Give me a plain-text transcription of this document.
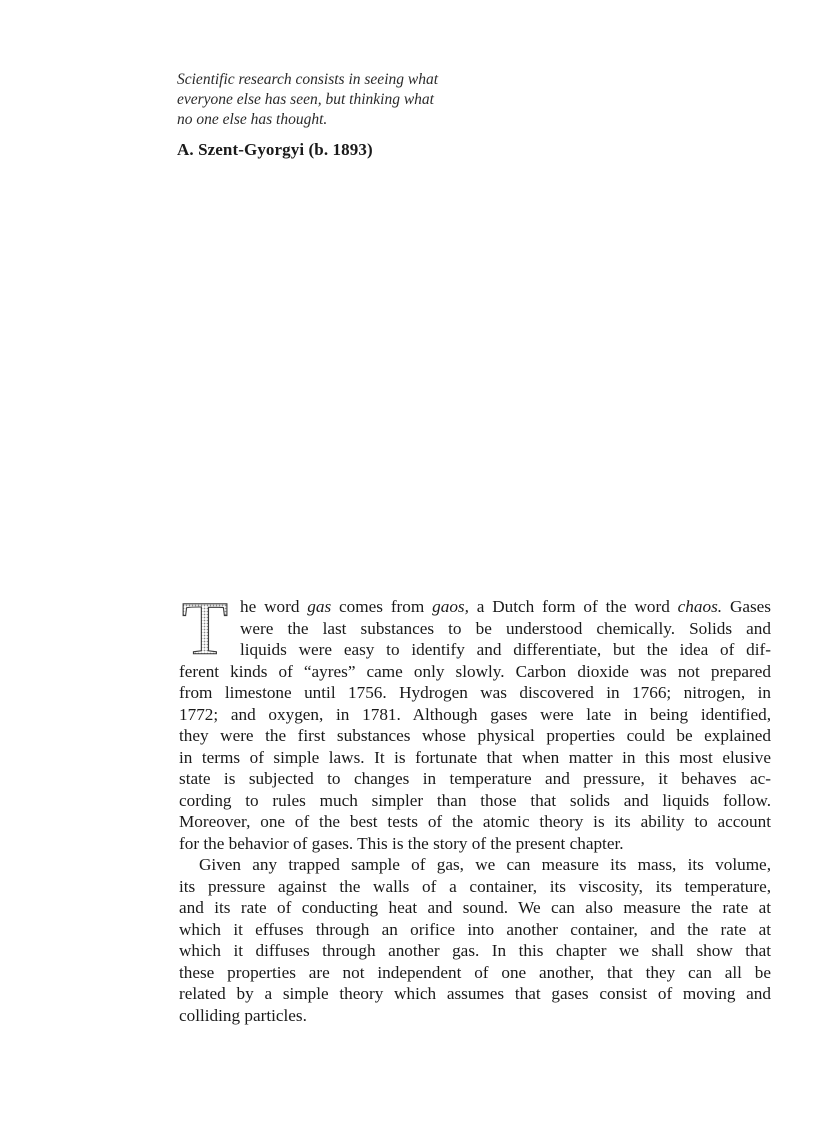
Scientific research consists in seeing what
everyone else has seen, but thinking what
no one else has thought.
A. Szent-Gyorgyi (b. 1893)
T he word gas comes from gaos, a Dutch form of the word chaos. Gases
were the last substances to be understood chemically. Solids and
liquids were easy to identify and differentiate, but the idea of dif-
ferent kinds of “ayres” came only slowly. Carbon dioxide was not prepared
from limestone until 1756. Hydrogen was discovered in 1766; nitrogen, in
1772; and oxygen, in 1781. Although gases were late in being identified,
they were the first substances whose physical properties could be explained
in terms of simple laws. It is fortunate that when matter in this most elusive
state is subjected to changes in temperature and pressure, it behaves ac-
cording to rules much simpler than those that solids and liquids follow.
Moreover, one of the best tests of the atomic theory is its ability to account
for the behavior of gases. This is the story of the present chapter.
Given any trapped sample of gas, we can measure its mass, its volume,
its pressure against the walls of a container, its viscosity, its temperature,
and its rate of conducting heat and sound. We can also measure the rate at
which it effuses through an orifice into another container, and the rate at
which it diffuses through another gas. In this chapter we shall show that
these properties are not independent of one another, that they can all be
related by a simple theory which assumes that gases consist of moving and
colliding particles.
